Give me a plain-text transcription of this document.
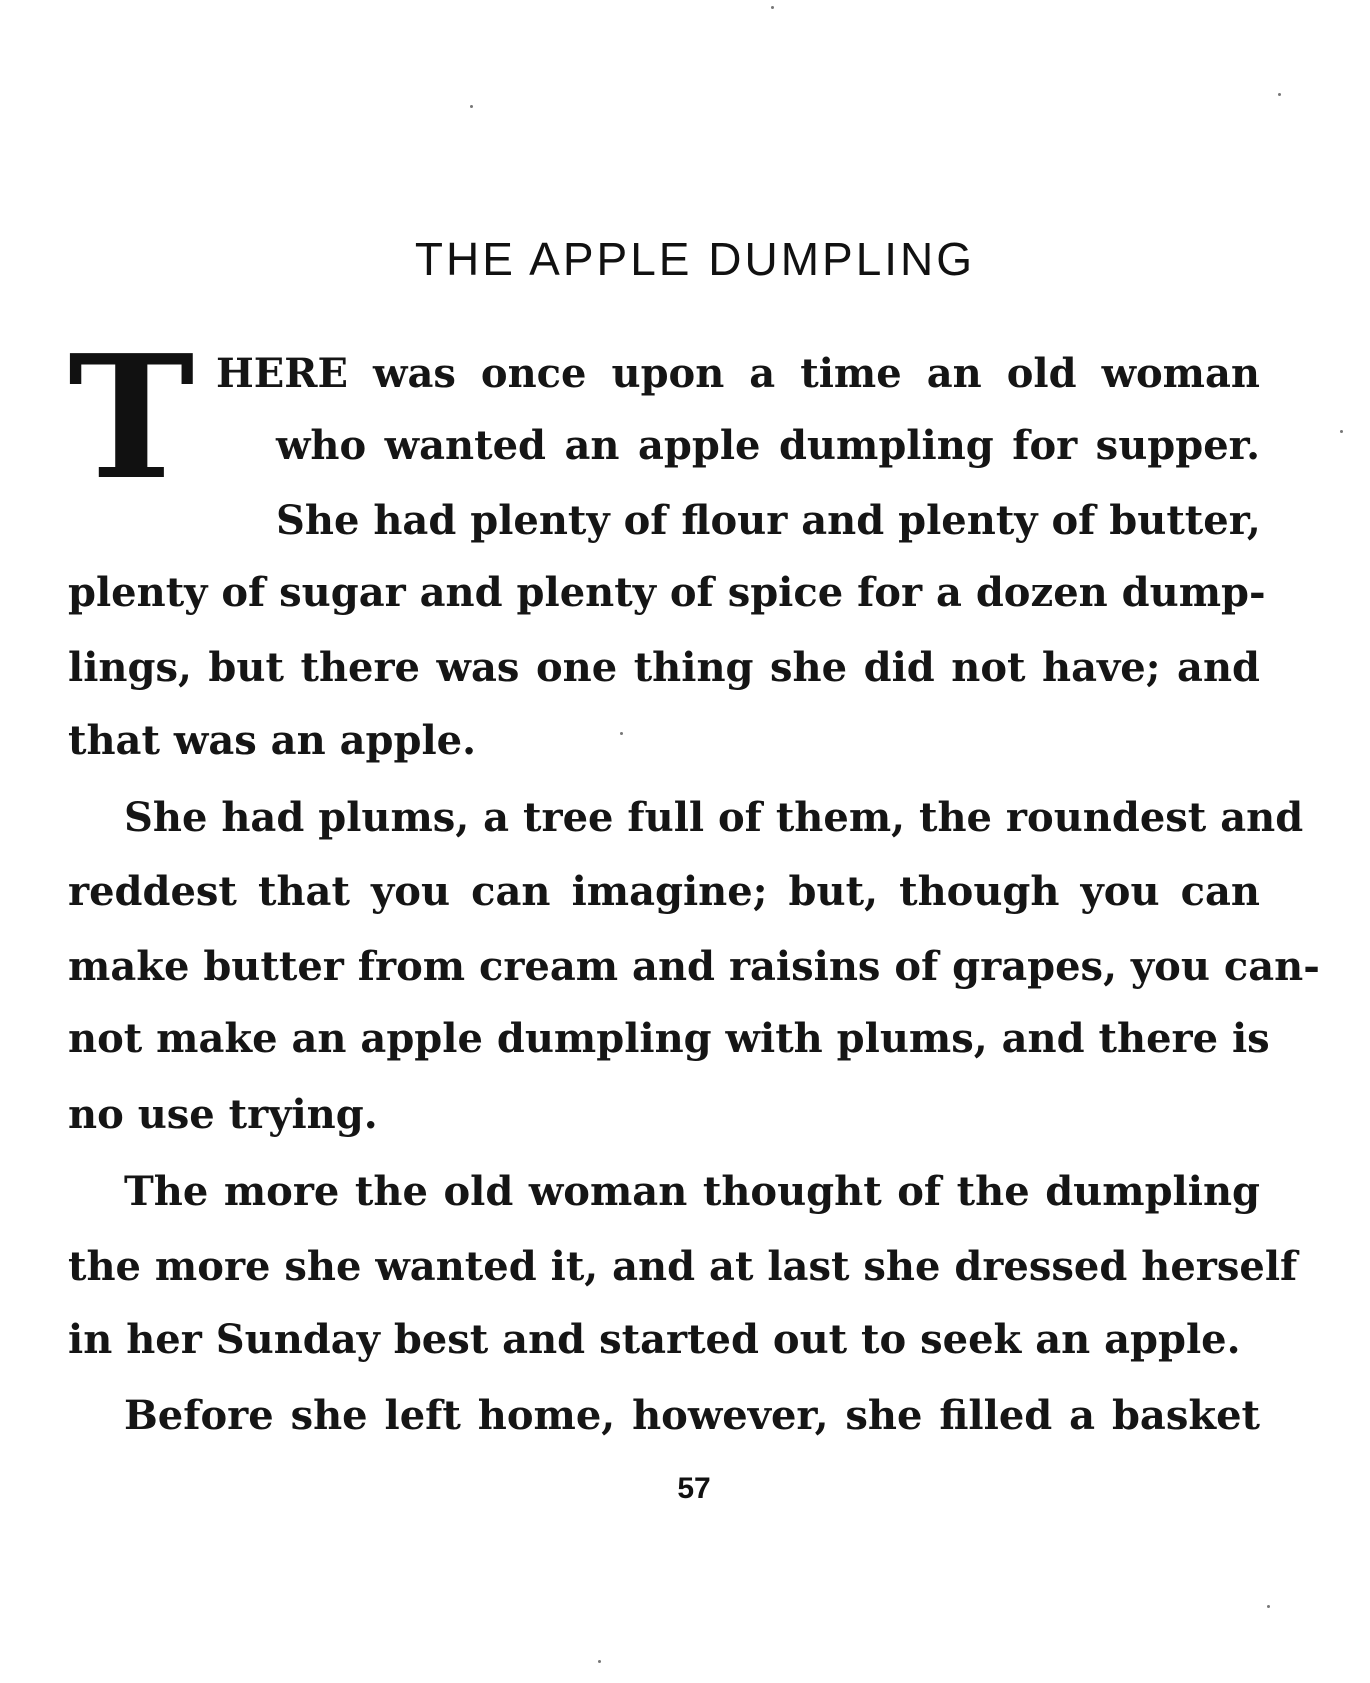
THE APPLE DUMPLING
T HERE was once upon a time an old woman
who wanted an apple dumpling for supper.
She had plenty of flour and plenty of butter,
plenty of sugar and plenty of spice for a dozen dump-
lings, but there was one thing she did not have; and
that was an apple.
She had plums, a tree full of them, the roundest and
reddest that you can imagine; but, though you can
make butter from cream and raisins of grapes, you can-
not make an apple dumpling with plums, and there is
no use trying.
The more the old woman thought of the dumpling
the more she wanted it, and at last she dressed herself
in her Sunday best and started out to seek an apple.
Before she left home, however, she filled a basket
57
